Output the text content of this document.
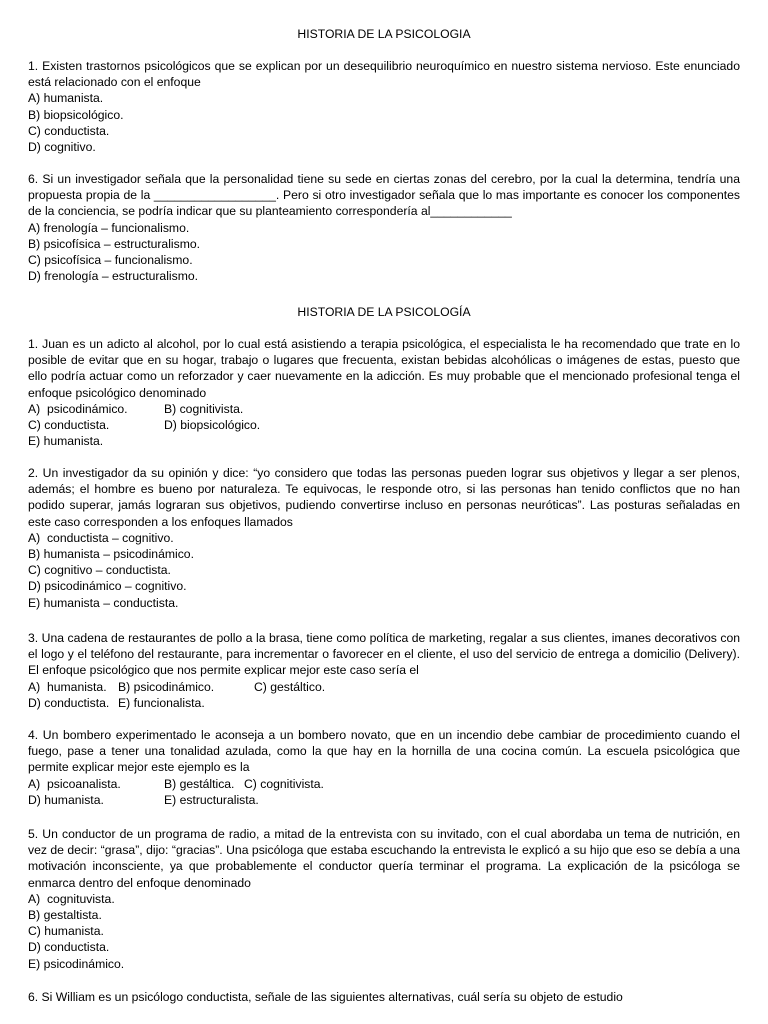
HISTORIA DE LA PSICOLOGIA

1. Existen trastornos psicológicos que se explican por un desequilibrio neuroquímico en nuestro sistema nervioso. Este enunciado está relacionado con el enfoque

A) humanista.
B) biopsicológico.
C) conductista.
D) cognitivo.

6. Si un investigador señala que la personalidad tiene su sede en ciertas zonas del cerebro, por la cual la determina, tendría una propuesta propia de la __________________. Pero si otro investigador señala que lo mas importante es conocer los componentes de la conciencia, se podría indicar que su planteamiento correspondería al____________

A) frenología – funcionalismo.
B) psicofísica – estructuralismo.
C) psicofísica – funcionalismo.
D) frenología – estructuralismo.
HISTORIA DE LA PSICOLOGÍA

1. Juan es un adicto al alcohol, por lo cual está asistiendo a terapia psicológica, el especialista le ha recomendado que trate en lo posible de evitar que en su hogar, trabajo o lugares que frecuenta, existan bebidas alcohólicas o imágenes de estas, puesto que ello podría actuar como un reforzador y caer nuevamente en la adicción. Es muy probable que el mencionado profesional tenga el enfoque psicológico denominado

A)  psicodinámico.	B) cognitivista.
C) conductista.	D) biopsicológico.
E) humanista.

2. Un investigador da su opinión y dice: “yo considero que todas las personas pueden lograr sus objetivos y llegar a ser plenos, además; el hombre es bueno por naturaleza. Te equivocas, le responde otro, si las personas han tenido conflictos que no han podido superar, jamás lograran sus objetivos, pudiendo convertirse incluso en personas neuróticas”. Las posturas señaladas en este caso corresponden a los enfoques llamados

A)  conductista – cognitivo.
B) humanista – psicodinámico.
C) cognitivo – conductista.
D) psicodinámico – cognitivo.
E) humanista – conductista.

3. Una cadena de restaurantes de pollo a la brasa, tiene como política de marketing, regalar a sus clientes, imanes decorativos con el logo y el teléfono del restaurante, para incrementar o favorecer en el cliente, el uso del servicio de entrega a domicilio (Delivery). El enfoque psicológico que nos permite explicar mejor este caso sería el

A)  humanista. B) psicodinámico.	C) gestáltico.
D) conductista. E) funcionalista.

4. Un bombero experimentado le aconseja a un bombero novato, que en un incendio debe cambiar de procedimiento cuando el fuego, pase a tener una tonalidad azulada, como la que hay en la hornilla de una cocina común. La escuela psicológica que permite explicar mejor este ejemplo es la

A)  psicoanalista.	B) gestáltica. C) cognitivista.
D) humanista.	E) estructuralista.

5. Un conductor de un programa de radio, a mitad de la entrevista con su invitado, con el cual abordaba un tema de nutrición, en vez de decir: “grasa”, dijo: “gracias”. Una psicóloga que estaba escuchando la entrevista le explicó a su hijo que eso se debía a una motivación inconsciente, ya que probablemente el conductor quería terminar el programa. La explicación de la psicóloga se enmarca dentro del enfoque denominado

A)  cognituvista.
B) gestaltista.
C) humanista.
D) conductista.
E) psicodinámico.

6. Si William es un psicólogo conductista, señale de las siguientes alternativas, cuál sería su objeto de estudio
